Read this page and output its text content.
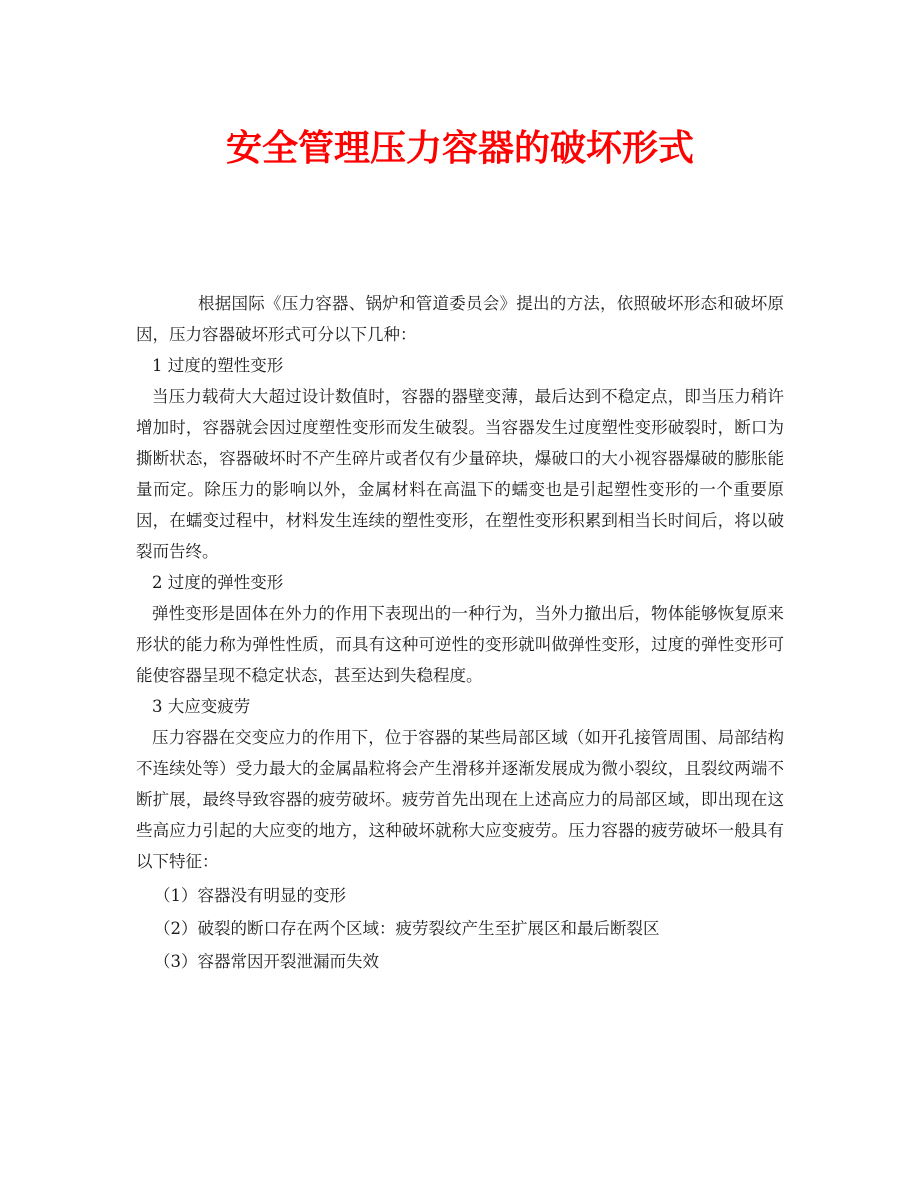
安全管理压力容器的破坏形式

根据国际《压力容器、锅炉和管道委员会》提出的方法，依照破坏形态和破坏原因，压力容器破坏形式可分以下几种：

1 过度的塑性变形

当压力载荷大大超过设计数值时，容器的器壁变薄，最后达到不稳定点，即当压力稍许增加时，容器就会因过度塑性变形而发生破裂。当容器发生过度塑性变形破裂时，断口为撕断状态，容器破坏时不产生碎片或者仅有少量碎块，爆破口的大小视容器爆破的膨胀能量而定。除压力的影响以外，金属材料在高温下的蠕变也是引起塑性变形的一个重要原因，在蠕变过程中，材料发生连续的塑性变形，在塑性变形积累到相当长时间后，将以破裂而告终。

2 过度的弹性变形

弹性变形是固体在外力的作用下表现出的一种行为，当外力撤出后，物体能够恢复原来形状的能力称为弹性性质，而具有这种可逆性的变形就叫做弹性变形，过度的弹性变形可能使容器呈现不稳定状态，甚至达到失稳程度。

3 大应变疲劳

压力容器在交变应力的作用下，位于容器的某些局部区域（如开孔接管周围、局部结构不连续处等）受力最大的金属晶粒将会产生滑移并逐渐发展成为微小裂纹，且裂纹两端不断扩展，最终导致容器的疲劳破坏。疲劳首先出现在上述高应力的局部区域，即出现在这些高应力引起的大应变的地方，这种破坏就称大应变疲劳。压力容器的疲劳破坏一般具有以下特征：

（1）容器没有明显的变形

（2）破裂的断口存在两个区域：疲劳裂纹产生至扩展区和最后断裂区

（3）容器常因开裂泄漏而失效
